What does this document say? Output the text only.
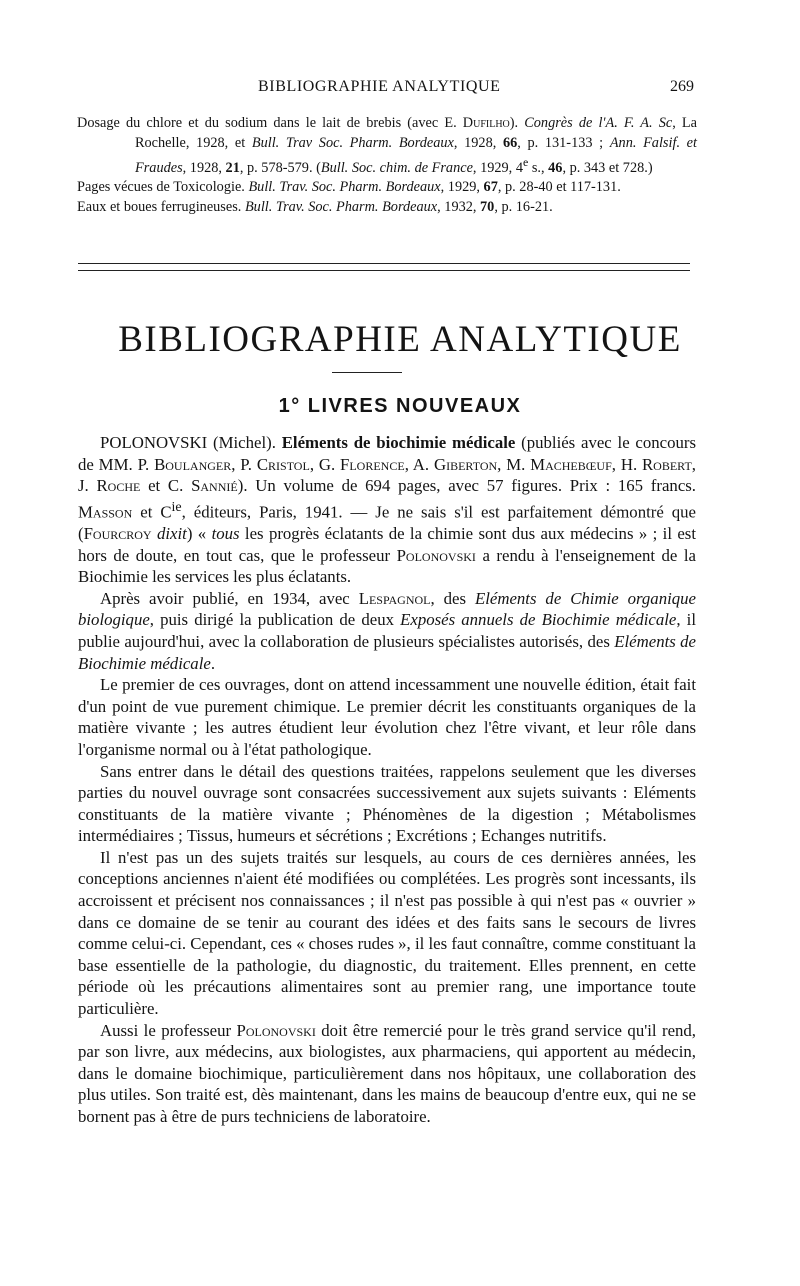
BIBLIOGRAPHIE ANALYTIQUE	269
Dosage du chlore et du sodium dans le lait de brebis (avec E. Dufilho). Congrès de l'A. F. A. Sc, La Rochelle, 1928, et Bull. Trav Soc. Pharm. Bordeaux, 1928, 66, p. 131-133 ; Ann. Falsif. et Fraudes, 1928, 21, p. 578-579. (Bull. Soc. chim. de France, 1929, 4e s., 46, p. 343 et 728.)
Pages vécues de Toxicologie. Bull. Trav. Soc. Pharm. Bordeaux, 1929, 67, p. 28-40 et 117-131.
Eaux et boues ferrugineuses. Bull. Trav. Soc. Pharm. Bordeaux, 1932, 70, p. 16-21.
BIBLIOGRAPHIE ANALYTIQUE
1° LIVRES NOUVEAUX

POLONOVSKI (Michel). Eléments de biochimie médicale (publiés avec le concours de MM. P. Boulanger, P. Cristol, G. Florence, A. Giberton, M. Machebœuf, H. Robert, J. Roche et C. Sannié). Un volume de 694 pages, avec 57 figures. Prix : 165 francs. Masson et $C^{ie}$, éditeurs, Paris, 1941. — Je ne sais s'il est parfaitement démontré que (Fourcroy dixit) « tous les progrès éclatants de la chimie sont dus aux médecins » ; il est hors de doute, en tout cas, que le professeur Polonovski a rendu à l'enseignement de la Biochimie les services les plus éclatants.

Après avoir publié, en 1934, avec Lespagnol, des Eléments de Chimie organique biologique, puis dirigé la publication de deux Exposés annuels de Biochimie médicale, il publie aujourd'hui, avec la collaboration de plusieurs spécialistes autorisés, des Eléments de Biochimie médicale.

Le premier de ces ouvrages, dont on attend incessamment une nouvelle édition, était fait d'un point de vue purement chimique. Le premier décrit les constituants organiques de la matière vivante ; les autres étudient leur évolution chez l'être vivant, et leur rôle dans l'organisme normal ou à l'état pathologique.

Sans entrer dans le détail des questions traitées, rappelons seulement que les diverses parties du nouvel ouvrage sont consacrées successivement aux sujets suivants : Eléments constituants de la matière vivante ; Phénomènes de la digestion ; Métabolismes intermédiaires ; Tissus, humeurs et sécrétions ; Excrétions ; Echanges nutritifs.

Il n'est pas un des sujets traités sur lesquels, au cours de ces dernières années, les conceptions anciennes n'aient été modifiées ou complétées. Les progrès sont incessants, ils accroissent et précisent nos connaissances ; il n'est pas possible à qui n'est pas « ouvrier » dans ce domaine de se tenir au courant des idées et des faits sans le secours de livres comme celui-ci. Cependant, ces « choses rudes », il les faut connaître, comme constituant la base essentielle de la pathologie, du diagnostic, du traitement. Elles prennent, en cette période où les précautions alimentaires sont au premier rang, une importance toute particulière.

Aussi le professeur Polonovski doit être remercié pour le très grand service qu'il rend, par son livre, aux médecins, aux biologistes, aux pharmaciens, qui apportent au médecin, dans le domaine biochimique, particulièrement dans nos hôpitaux, une collaboration des plus utiles. Son traité est, dès maintenant, dans les mains de beaucoup d'entre eux, qui ne se bornent pas à être de purs techniciens de laboratoire.
